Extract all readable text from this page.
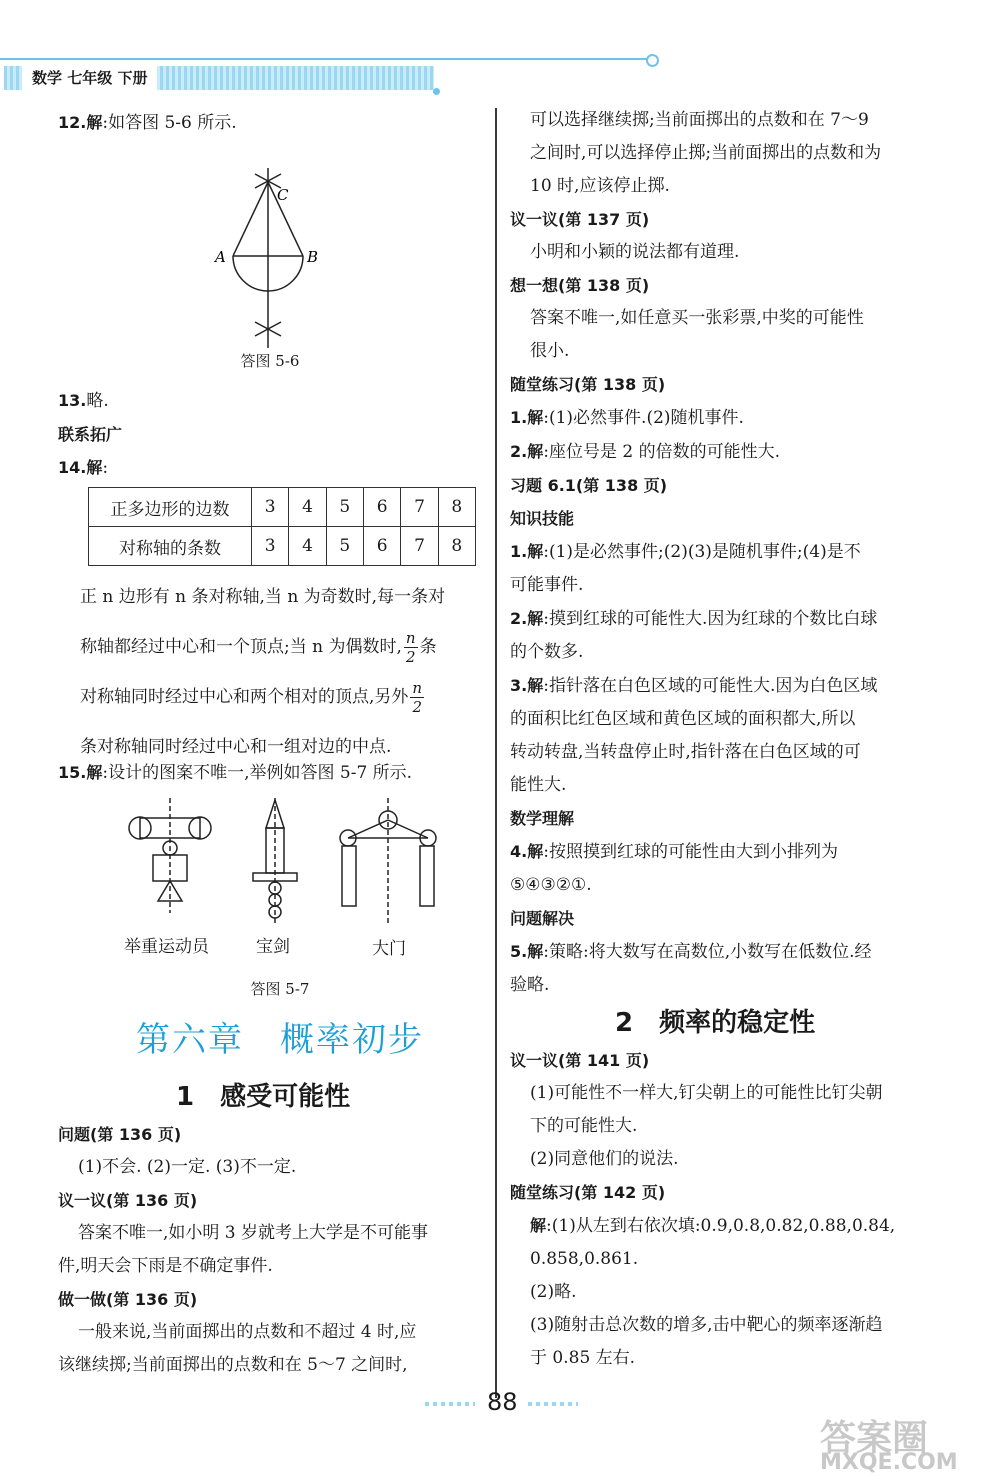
数学 七年级 下册

12.解:如答图 5-6 所示.

C
A	B
答图 5-6

13.略.

联系拓广

14.解:

正多边形的边数	3	4	5	6	7	8
对称轴的条数	3	4	5	6	7	8

正 n 边形有 n 条对称轴,当 n 为奇数时,每一条对

称轴都经过中心和一个顶点;当 n 为偶数时, $\frac{n}{2}$ 条

对称轴同时经过中心和两个相对的顶点,另外 $\frac{n}{2}$

条对称轴同时经过中心和一组对边的中点.

15.解:设计的图案不唯一,举例如答图 5-7 所示.

举重运动员	宝剑	大门
答图 5-7
第六章　概率初步
1　 感受可能性

问题(第 136 页)

(1)不会. (2)一定. (3)不一定.

议一议(第 136 页)

答案不唯一,如小明 3 岁就考上大学是不可能事

件,明天会下雨是不确定事件.

做一做(第 136 页)

一般来说,当前面掷出的点数和不超过 4 时,应

该继续掷;当前面掷出的点数和在 5～7 之间时,

可以选择继续掷;当前面掷出的点数和在 7～9

之间时,可以选择停止掷;当前面掷出的点数和为

10 时,应该停止掷.

议一议(第 137 页)

小明和小颖的说法都有道理.

想一想(第 138 页)

答案不唯一,如任意买一张彩票,中奖的可能性

很小.

随堂练习(第 138 页)

1.解:(1)必然事件.(2)随机事件.

2.解:座位号是 2 的倍数的可能性大.

习题 6.1(第 138 页)

知识技能

1.解:(1)是必然事件;(2)(3)是随机事件;(4)是不

可能事件.

2.解:摸到红球的可能性大.因为红球的个数比白球

的个数多.

3.解:指针落在白色区域的可能性大.因为白色区域

的面积比红色区域和黄色区域的面积都大,所以

转动转盘,当转盘停止时,指针落在白色区域的可

能性大.

数学理解

4.解:按照摸到红球的可能性由大到小排列为

⑤④③②①.

问题解决

5.解:策略:将大数写在高数位,小数写在低数位.经

验略.

2　 频率的稳定性

议一议(第 141 页)

(1)可能性不一样大,钉尖朝上的可能性比钉尖朝

下的可能性大.

(2)同意他们的说法.

随堂练习(第 142 页)

解:(1)从左到右依次填:0.9,0.8,0.82,0.88,0.84,

0.858,0.861.

(2)略.

(3)随射击总次数的增多,击中靶心的频率逐渐趋

于 0.85 左右.

88
答案圈
MXQE.COM
